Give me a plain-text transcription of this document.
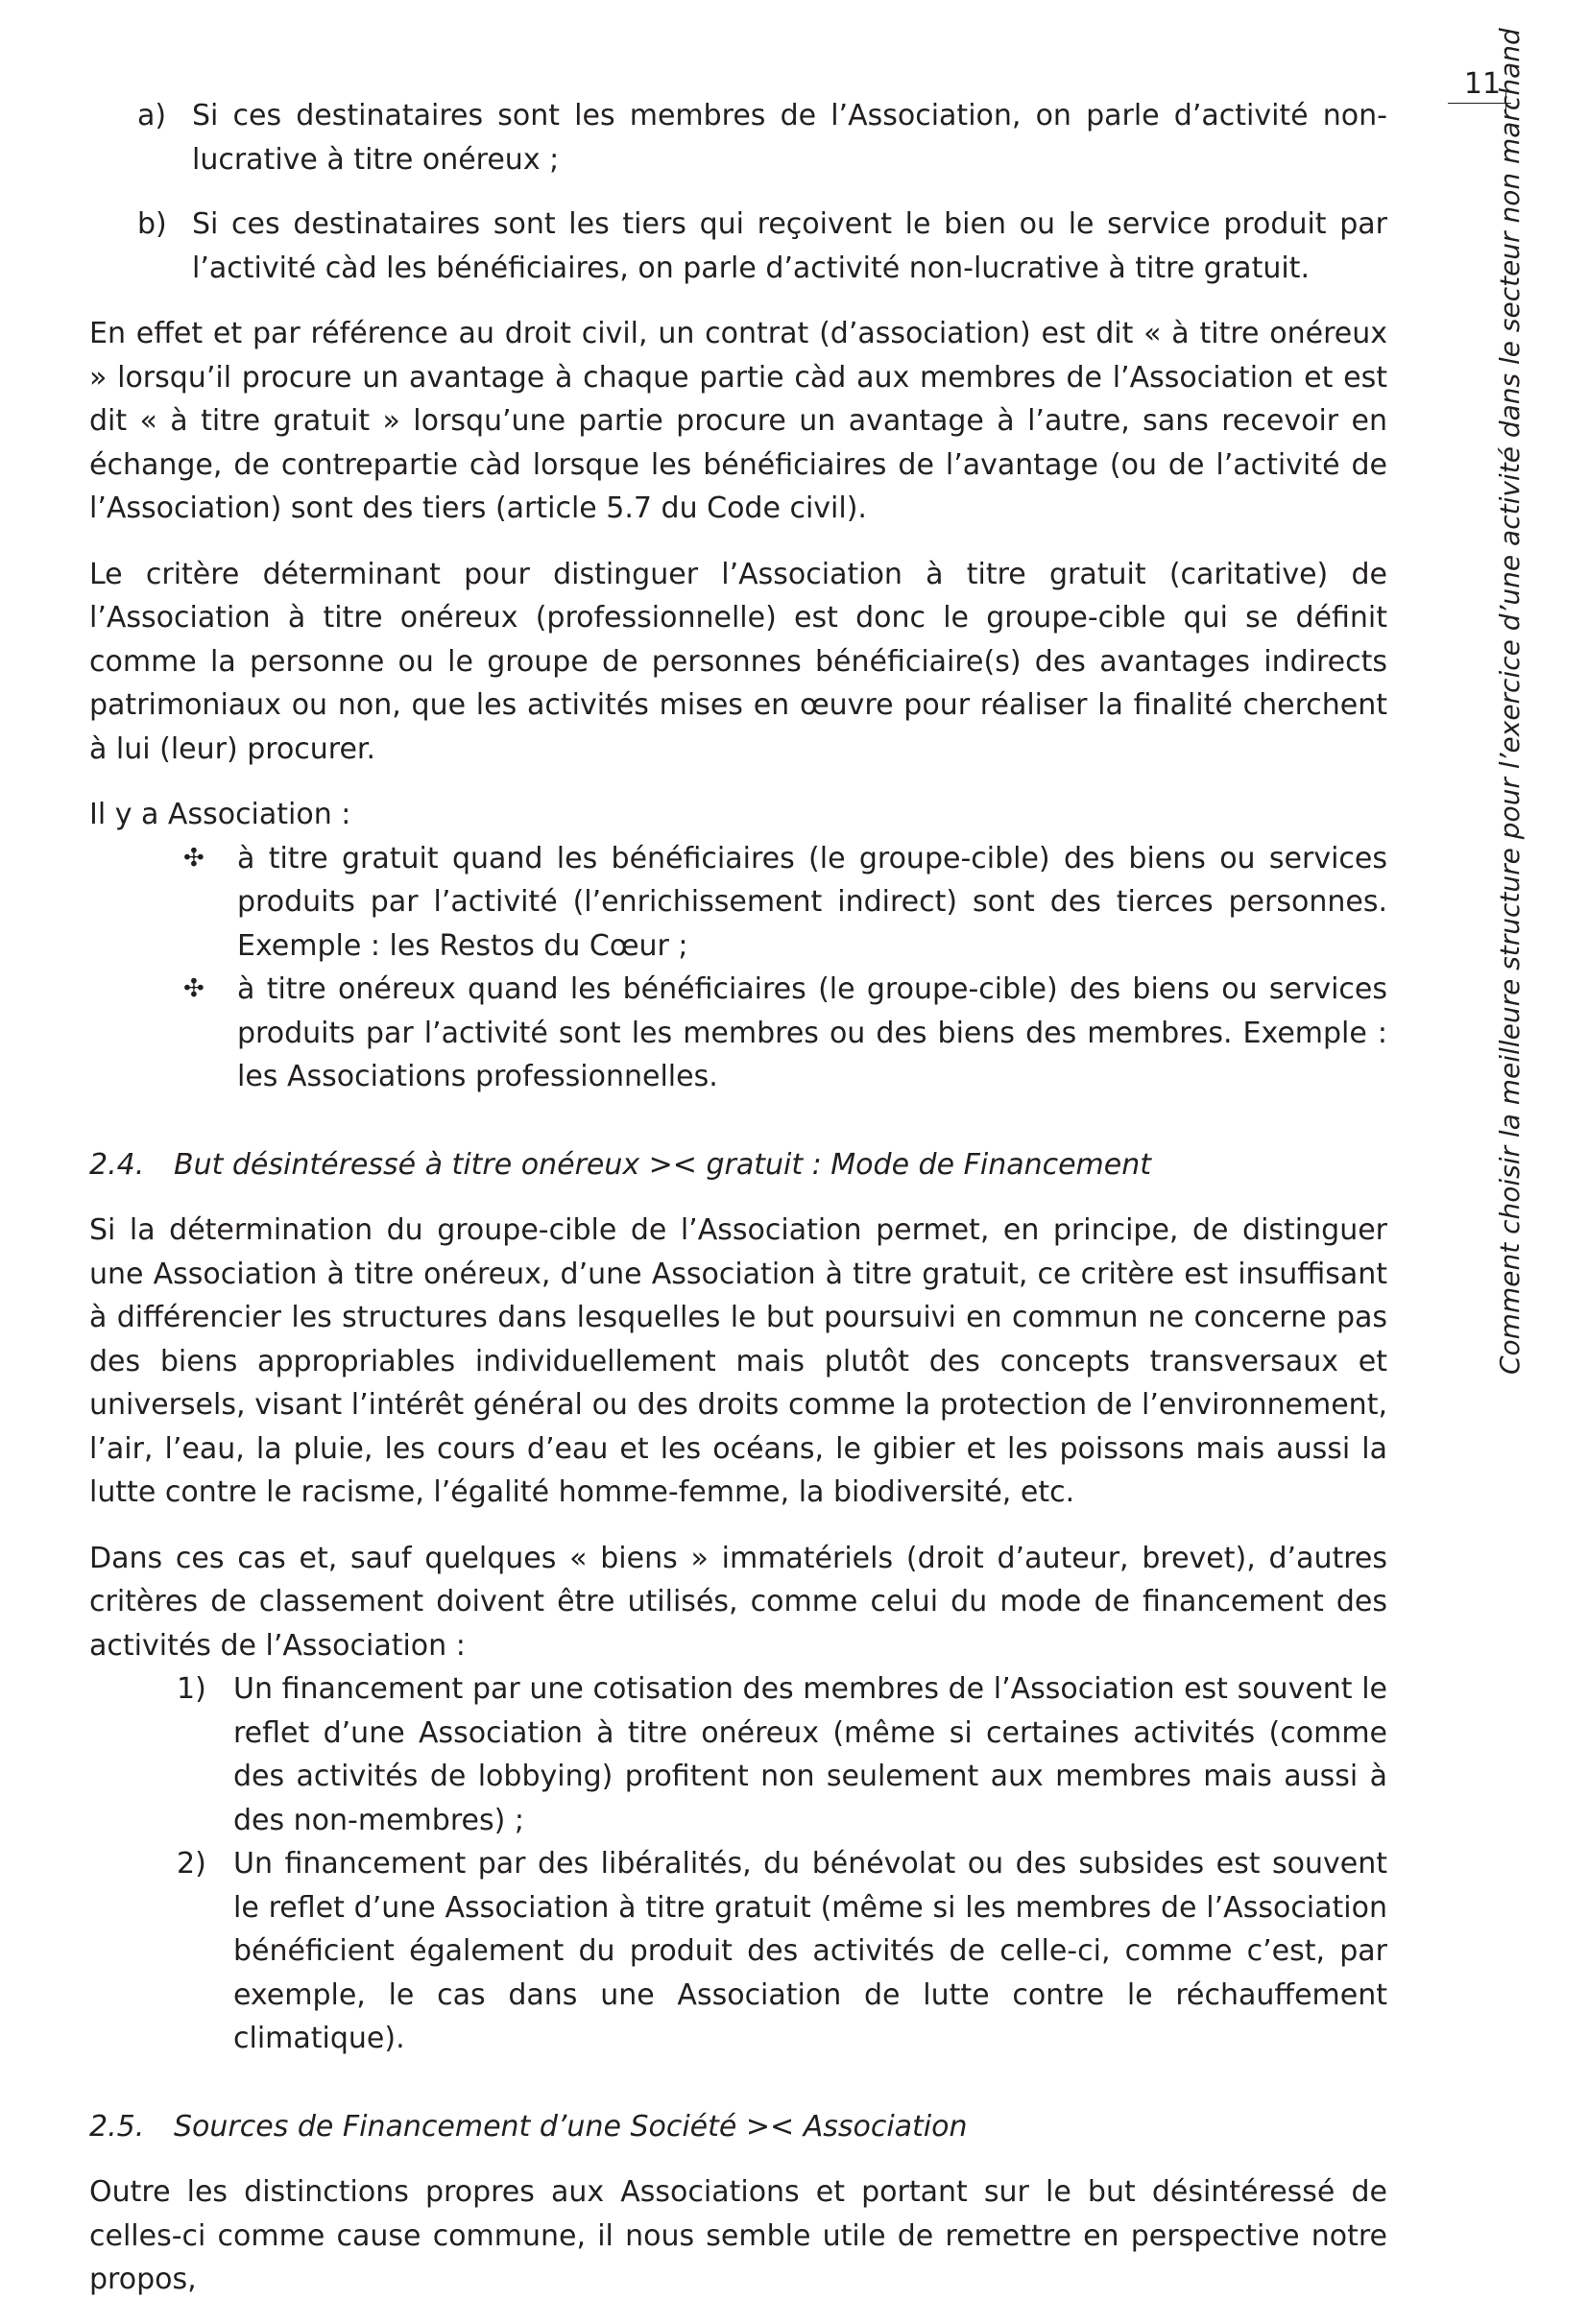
11
Comment choisir la meilleure structure pour l’exercice d’une activité dans le secteur non marchand
a) Si ces destinataires sont les membres de l’Association, on parle d’activité non-lucrative à titre onéreux ;
b) Si ces destinataires sont les tiers qui reçoivent le bien ou le service produit par l’activité càd les bénéficiaires, on parle d’activité non-lucrative à titre gratuit.

En effet et par référence au droit civil, un contrat (d’association) est dit « à titre onéreux » lorsqu’il procure un avantage à chaque partie càd aux membres de l’Association et est dit « à titre gratuit » lorsqu’une partie procure un avantage à l’autre, sans recevoir en échange, de contrepartie càd lorsque les bénéficiaires de l’avantage (ou de l’activité de l’Association) sont des tiers (article 5.7 du Code civil).

Le critère déterminant pour distinguer l’Association à titre gratuit (caritative) de l’Association à titre onéreux (professionnelle) est donc le groupe-cible qui se définit comme la personne ou le groupe de personnes bénéficiaire(s) des avantages indirects patrimoniaux ou non, que les activités mises en œuvre pour réaliser la finalité cherchent à lui (leur) procurer.

Il y a Association :

✣	à titre gratuit quand les bénéficiaires (le groupe-cible) des biens ou services produits par l’activité (l’enrichissement indirect) sont des tierces personnes. Exemple : les Restos du Cœur ;
✣	à titre onéreux quand les bénéficiaires (le groupe-cible) des biens ou services produits par l’activité sont les membres ou des biens des membres. Exemple : les Associations professionnelles.
2.4.	But désintéressé à titre onéreux >< gratuit : Mode de Financement

Si la détermination du groupe-cible de l’Association permet, en principe, de distinguer une Association à titre onéreux, d’une Association à titre gratuit, ce critère est insuffisant à différencier les structures dans lesquelles le but poursuivi en commun ne concerne pas des biens appropriables individuellement mais plutôt des concepts transversaux et universels, visant l’intérêt général ou des droits comme la protection de l’environnement, l’air, l’eau, la pluie, les cours d’eau et les océans, le gibier et les poissons mais aussi la lutte contre le racisme, l’égalité homme-femme, la biodiversité, etc.

Dans ces cas et, sauf quelques « biens » immatériels (droit d’auteur, brevet), d’autres critères de classement doivent être utilisés, comme celui du mode de financement des activités de l’Association :

1) Un financement par une cotisation des membres de l’Association est souvent le reflet d’une Association à titre onéreux (même si certaines activités (comme des activités de lobbying) profitent non seulement aux membres mais aussi à des non-membres) ;
2) Un financement par des libéralités, du bénévolat ou des subsides est souvent le reflet d’une Association à titre gratuit (même si les membres de l’Association bénéficient également du produit des activités de celle-ci, comme c’est, par exemple, le cas dans une Association de lutte contre le réchauffement climatique).
2.5.	Sources de Financement d’une Société >< Association

Outre les distinctions propres aux Associations et portant sur le but désintéressé de celles-ci comme cause commune, il nous semble utile de remettre en perspective notre propos,
